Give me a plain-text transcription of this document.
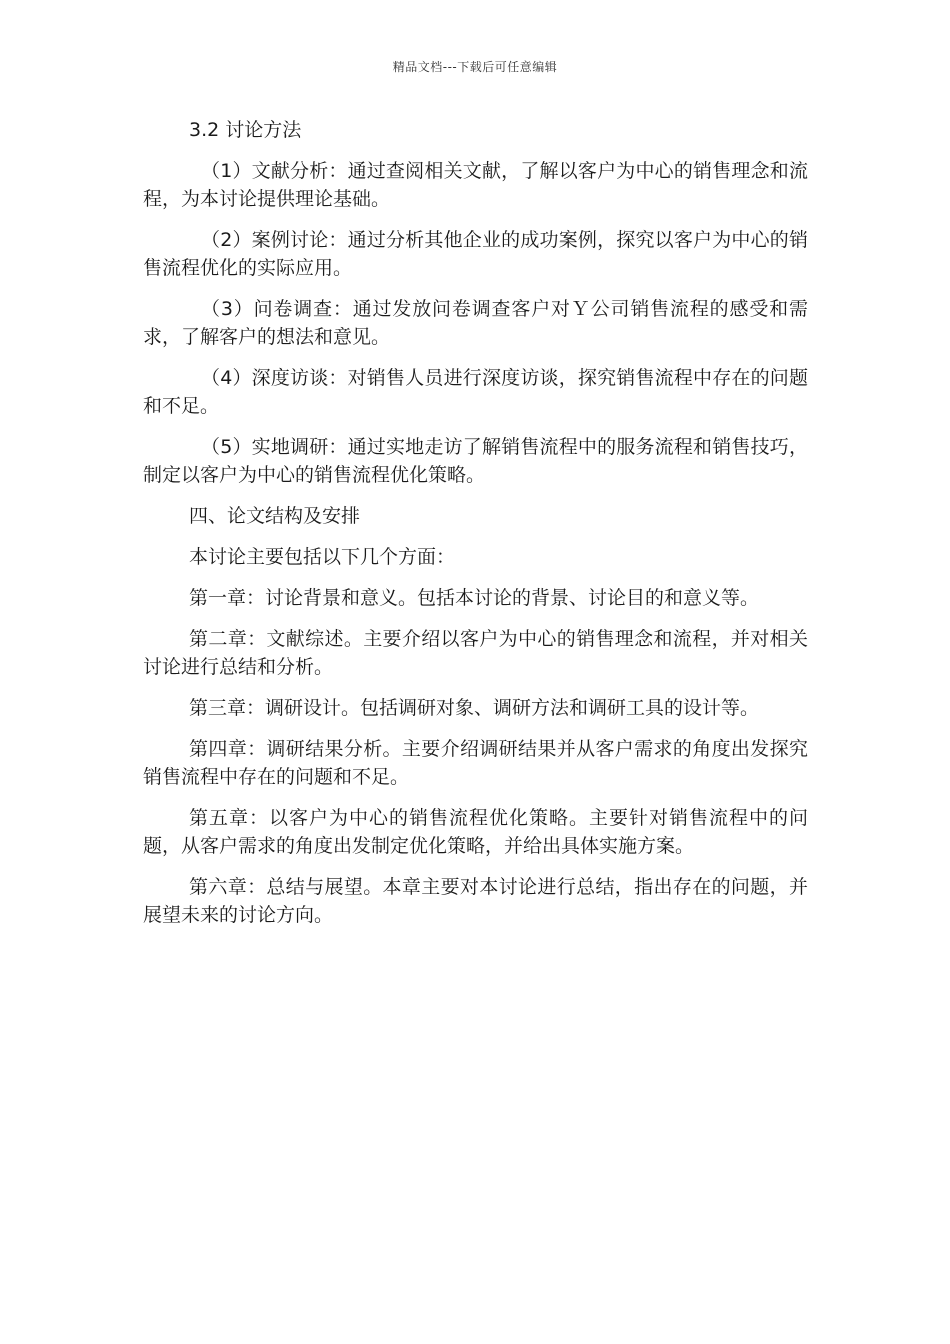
精品文档---下载后可任意编辑

3.2 讨论方法

（1）文献分析：通过查阅相关文献，了解以客户为中心的销售理念和流程，为本讨论提供理论基础。

（2）案例讨论：通过分析其他企业的成功案例，探究以客户为中心的销售流程优化的实际应用。

（3）问卷调查：通过发放问卷调查客户对Ｙ公司销售流程的感受和需求，了解客户的想法和意见。

（4）深度访谈：对销售人员进行深度访谈，探究销售流程中存在的问题和不足。

（5）实地调研：通过实地走访了解销售流程中的服务流程和销售技巧，制定以客户为中心的销售流程优化策略。

四、论文结构及安排

本讨论主要包括以下几个方面：

第一章：讨论背景和意义。包括本讨论的背景、讨论目的和意义等。

第二章：文献综述。主要介绍以客户为中心的销售理念和流程，并对相关讨论进行总结和分析。

第三章：调研设计。包括调研对象、调研方法和调研工具的设计等。

第四章：调研结果分析。主要介绍调研结果并从客户需求的角度出发探究销售流程中存在的问题和不足。

第五章：以客户为中心的销售流程优化策略。主要针对销售流程中的问题，从客户需求的角度出发制定优化策略，并给出具体实施方案。

第六章：总结与展望。本章主要对本讨论进行总结，指出存在的问题，并展望未来的讨论方向。
